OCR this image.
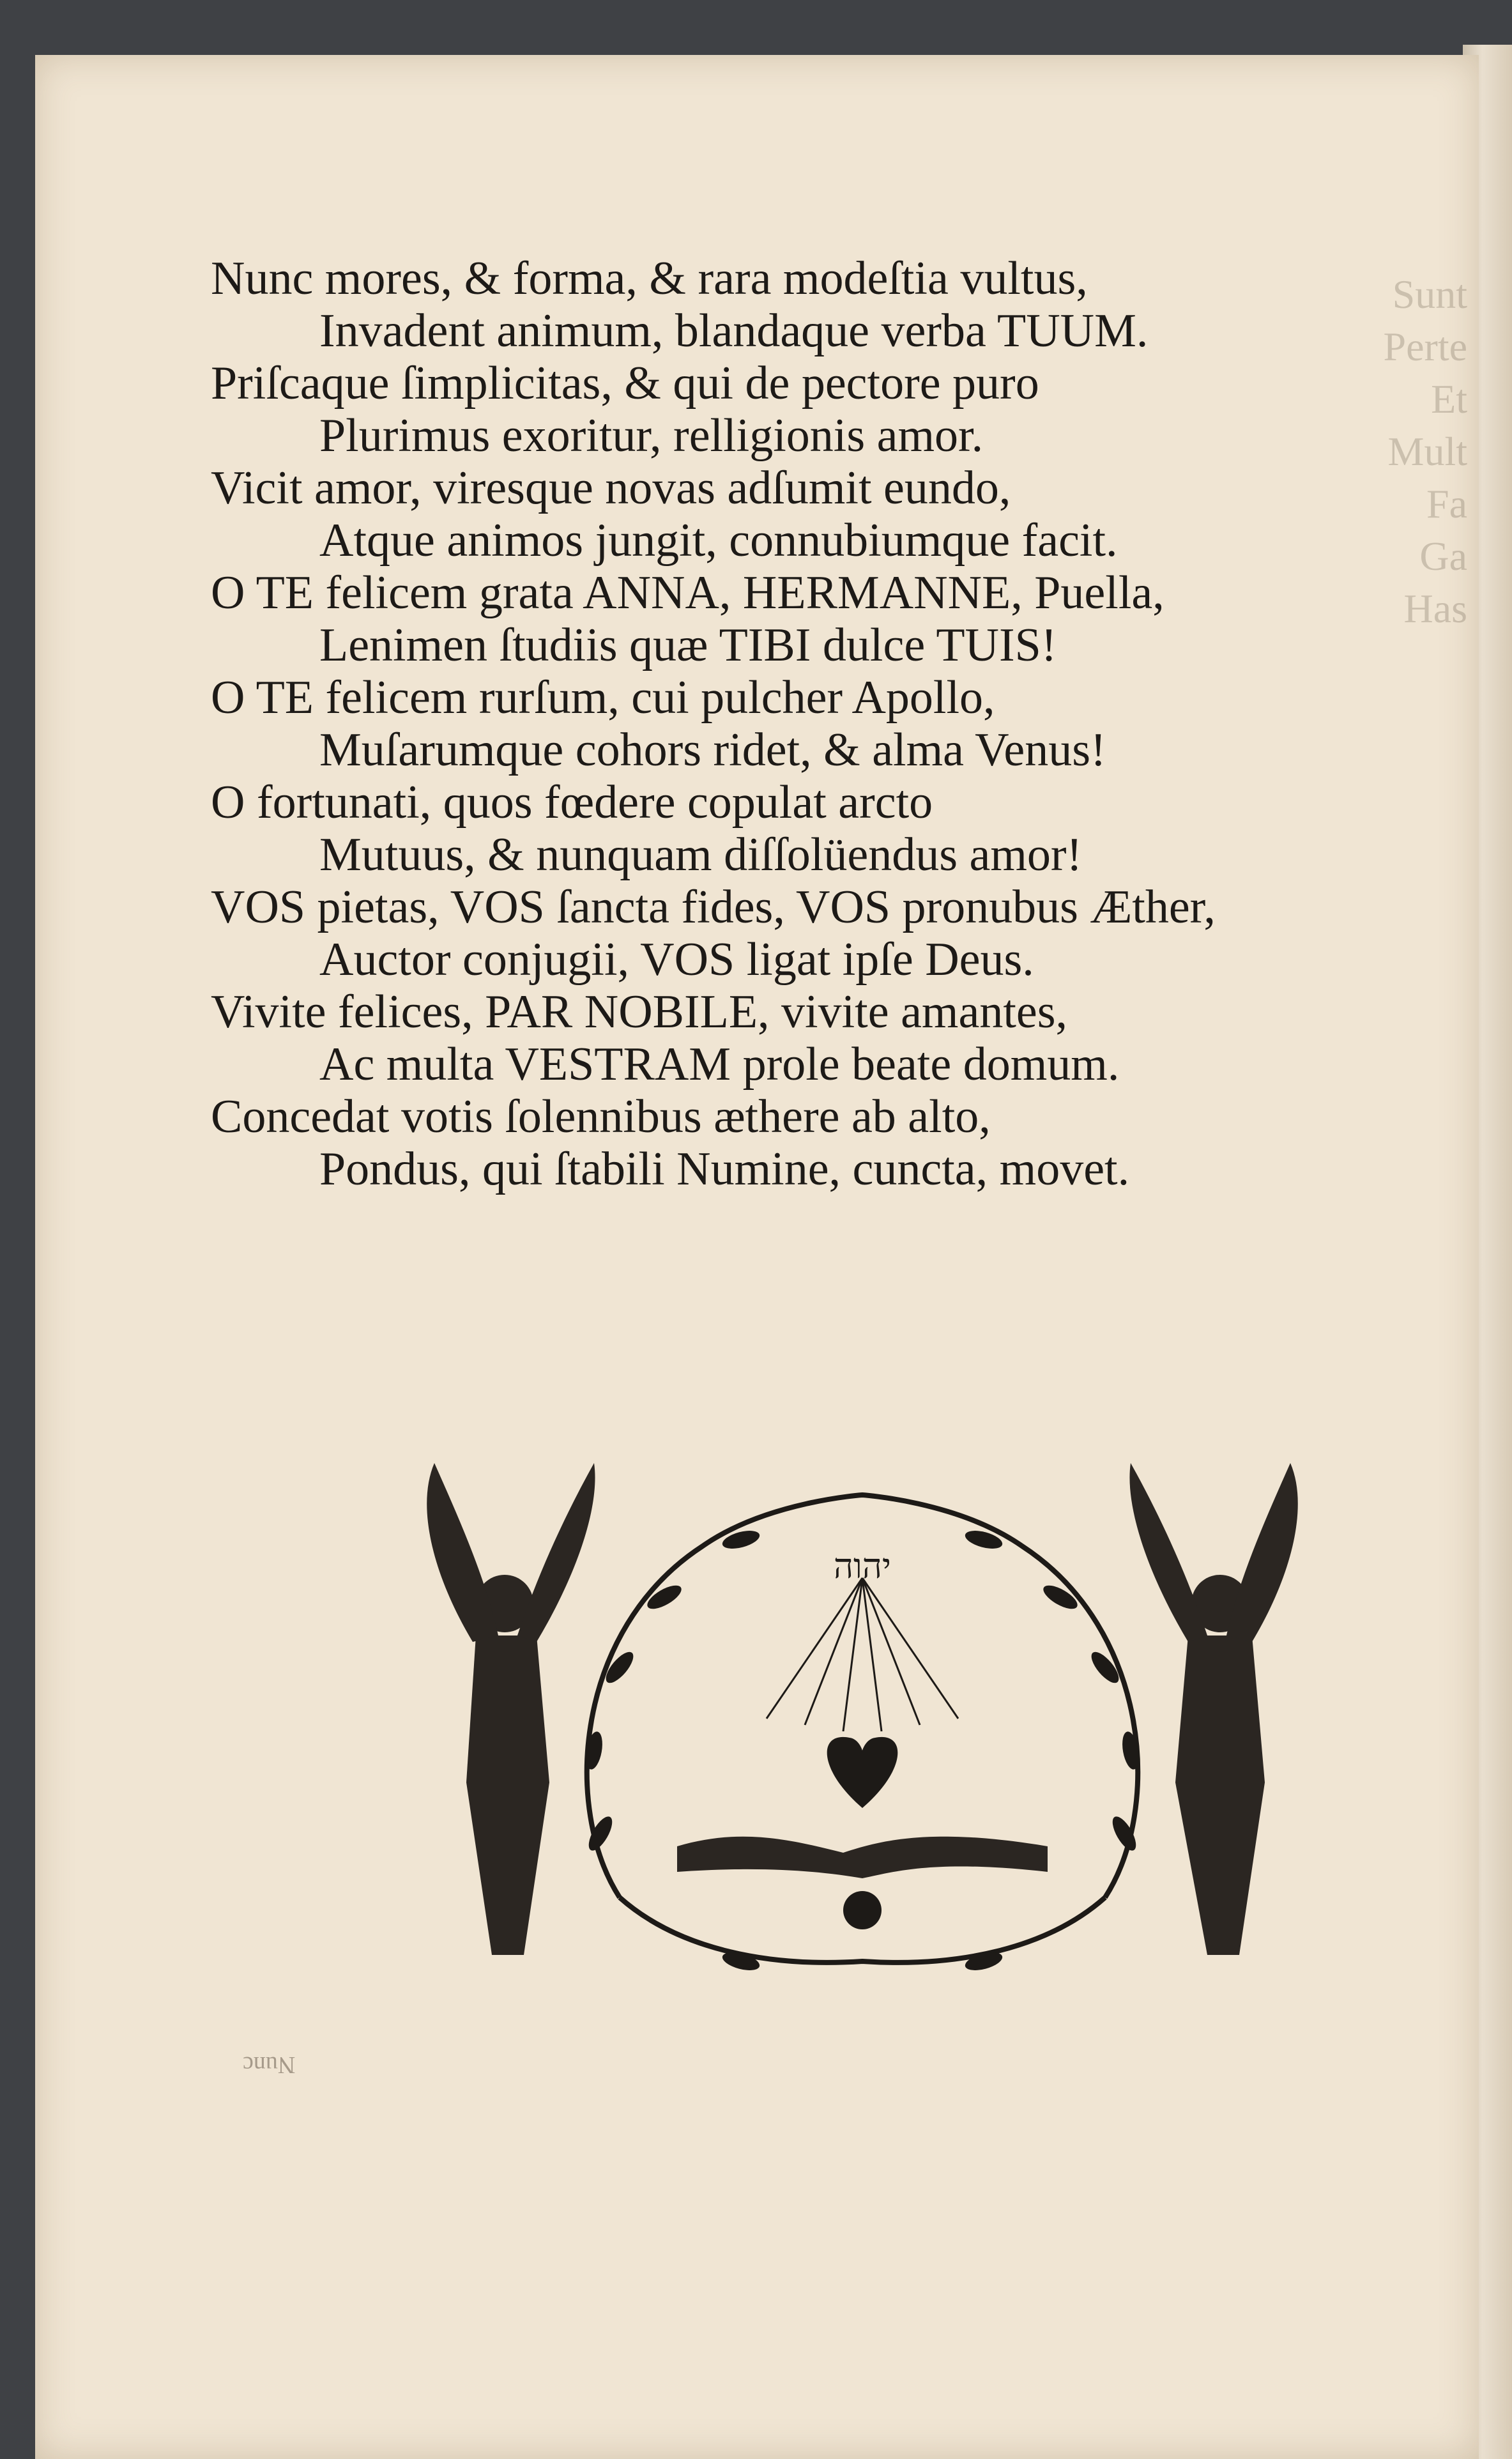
Sunt
Perte
Et
Mult
Fa
Ga
Has
Nunc mores, & forma, & rara modeſtia vultus,
Invadent animum, blandaque verba TUUM.
Priſcaque ſimplicitas, & qui de pectore puro
Plurimus exoritur, relligionis amor.
Vicit amor, viresque novas adſumit eundo,
Atque animos jungit, connubiumque facit.
O TE felicem grata ANNA, HERMANNE, Puella,
Lenimen ſtudiis quæ TIBI dulce TUIS!
O TE felicem rurſum, cui pulcher Apollo,
Muſarumque cohors ridet, & alma Venus!
O fortunati, quos fœdere copulat arcto
Mutuus, & nunquam diſſolüendus amor!
VOS pietas, VOS ſancta fides, VOS pronubus Æther,
Auctor conjugii, VOS ligat ipſe Deus.
Vivite felices, PAR NOBILE, vivite amantes,
Ac multa VESTRAM prole beate domum.
Concedat votis ſolennibus æthere ab alto,
Pondus, qui ſtabili Numine, cuncta, movet.
יהוה
Nunc
